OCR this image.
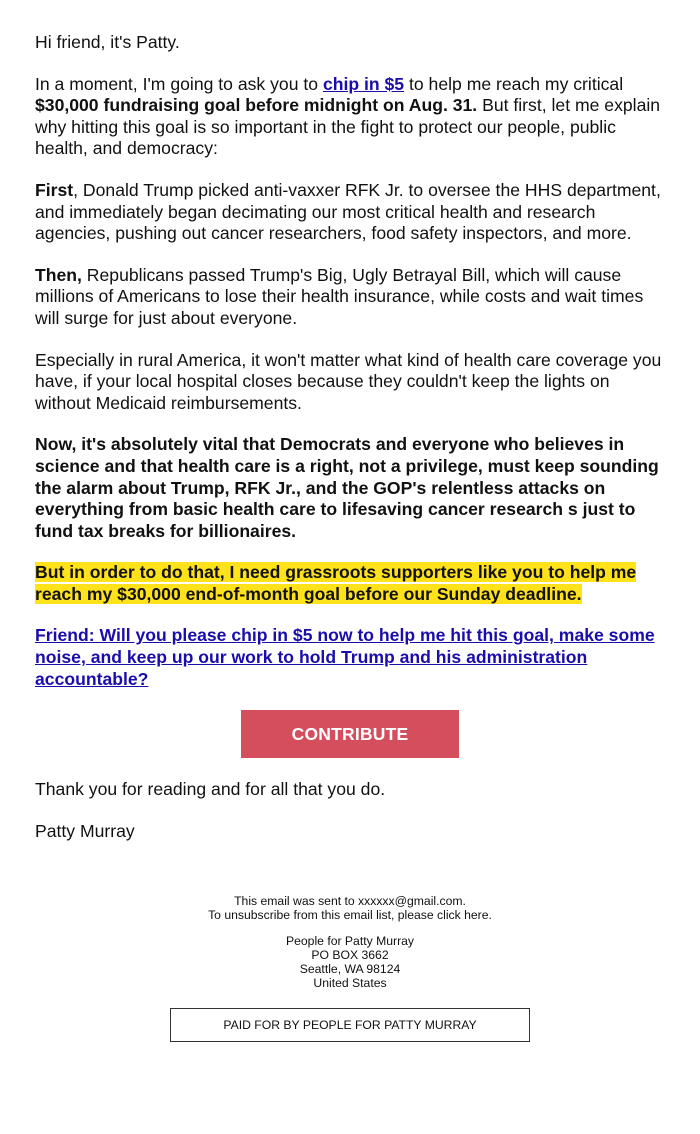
Hi friend, it's Patty.

In a moment, I'm going to ask you to chip in $5 to help me reach my critical $30,000 fundraising goal before midnight on Aug. 31. But first, let me explain why hitting this goal is so important in the fight to protect our people, public health, and democracy:

First, Donald Trump picked anti-vaxxer RFK Jr. to oversee the HHS department, and immediately began decimating our most critical health and research agencies, pushing out cancer researchers, food safety inspectors, and more.

Then, Republicans passed Trump's Big, Ugly Betrayal Bill, which will cause millions of Americans to lose their health insurance, while costs and wait times will surge for just about everyone.

Especially in rural America, it won't matter what kind of health care coverage you have, if your local hospital closes because they couldn't keep the lights on without Medicaid reimbursements.

Now, it's absolutely vital that Democrats and everyone who believes in science and that health care is a right, not a privilege, must keep sounding the alarm about Trump, RFK Jr., and the GOP's relentless attacks on everything from basic health care to lifesaving cancer research s just to fund tax breaks for billionaires.

But in order to do that, I need grassroots supporters like you to help me reach my $30,000 end-of-month goal before our Sunday deadline.

Friend: Will you please chip in $5 now to help me hit this goal, make some noise, and keep up our work to hold Trump and his administration accountable?

CONTRIBUTE

Thank you for reading and for all that you do.

Patty Murray

This email was sent to xxxxxx@gmail.com.
To unsubscribe from this email list, please click here.
People for Patty Murray
PO BOX 3662
Seattle, WA 98124
United States
PAID FOR BY PEOPLE FOR PATTY MURRAY
